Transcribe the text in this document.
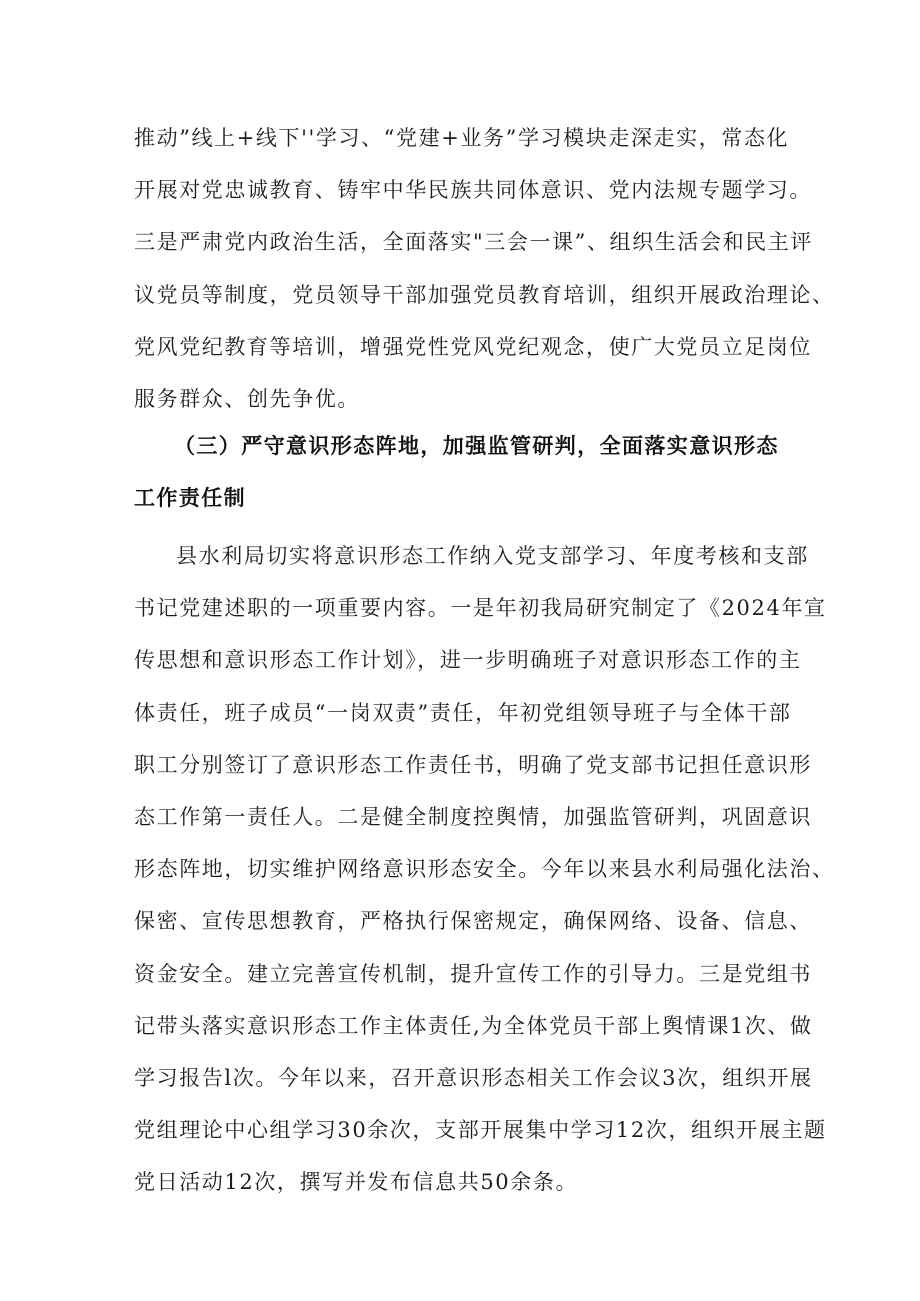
推动”线上+线下''学习、“党建+业务”学习模块走深走实，常态化
开展对党忠诚教育、铸牢中华民族共同体意识、党内法规专题学习。
三是严肃党内政治生活，全面落实"三会一课”、组织生活会和民主评
议党员等制度，党员领导干部加强党员教育培训，组织开展政治理论、
党风党纪教育等培训，增强党性党风党纪观念，使广大党员立足岗位
服务群众、创先争优。
（三）严守意识形态阵地，加强监管研判，全面落实意识形态
工作责任制
县水利局切实将意识形态工作纳入党支部学习、年度考核和支部
书记党建述职的一项重要内容。一是年初我局研究制定了《2024年宣
传思想和意识形态工作计划》，进一步明确班子对意识形态工作的主
体责任，班子成员“一岗双责”责任，年初党组领导班子与全体干部
职工分别签订了意识形态工作责任书，明确了党支部书记担任意识形
态工作第一责任人。二是健全制度控舆情，加强监管研判，巩固意识
形态阵地，切实维护网络意识形态安全。今年以来县水利局强化法治、
保密、宣传思想教育，严格执行保密规定，确保网络、设备、信息、
资金安全。建立完善宣传机制，提升宣传工作的引导力。三是党组书
记带头落实意识形态工作主体责任,为全体党员干部上舆情课1次、做
学习报告l次。今年以来，召开意识形态相关工作会议3次，组织开展
党组理论中心组学习30余次，支部开展集中学习12次，组织开展主题
党日活动12次，撰写并发布信息共50余条。
